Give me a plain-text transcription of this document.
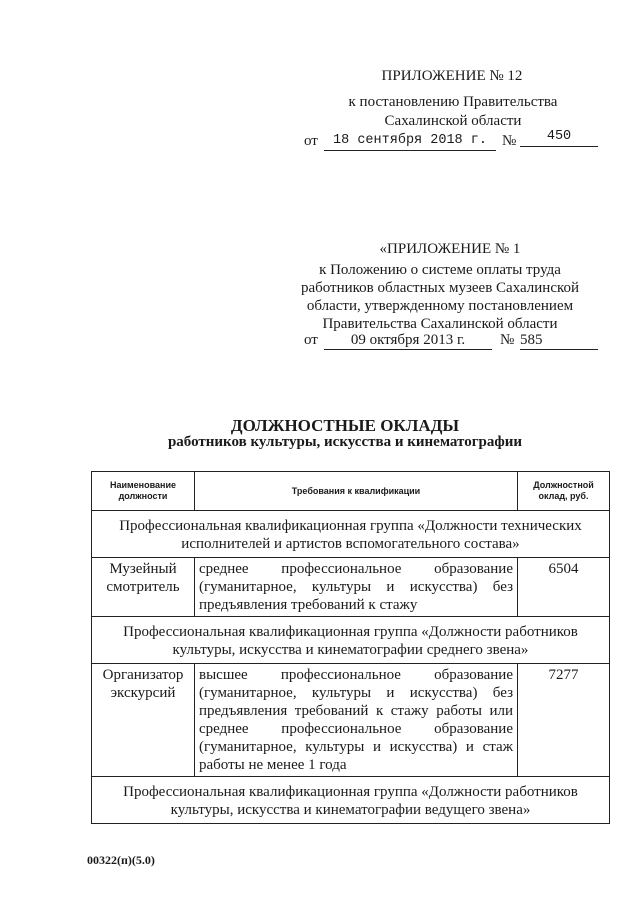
ПРИЛОЖЕНИЕ № 12
к постановлению Правительства
Сахалинской области
от	18 сентября 2018 г.	№	450
«ПРИЛОЖЕНИЕ № 1
к Положению о системе оплаты труда
работников областных музеев Сахалинской
области, утвержденному постановлением
Правительства Сахалинской области
от	09 октября 2013 г.	№ 585
ДОЛЖНОСТНЫЕ ОКЛАДЫ
работников культуры, искусства и кинематографии
Наименование должности	Требования к квалификации	Должностной оклад, руб.
Профессиональная квалификационная группа «Должности технических исполнителей и артистов вспомогательного состава»		
Музейный смотритель	среднее профессиональное образование (гуманитарное, культуры и искусства) без предъявления требований к стажу	6504
Профессиональная квалификационная группа «Должности работников культуры, искусства и кинематографии среднего звена»		
Организатор экскурсий	высшее профессиональное образование (гуманитарное, культуры и искусства) без предъявления требований к стажу работы или среднее профессиональное образование (гуманитарное, культуры и искусства) и стаж работы не менее 1 года	7277
Профессиональная квалификационная группа «Должности работников культуры, искусства и кинематографии ведущего звена»		
00322(п)(5.0)
